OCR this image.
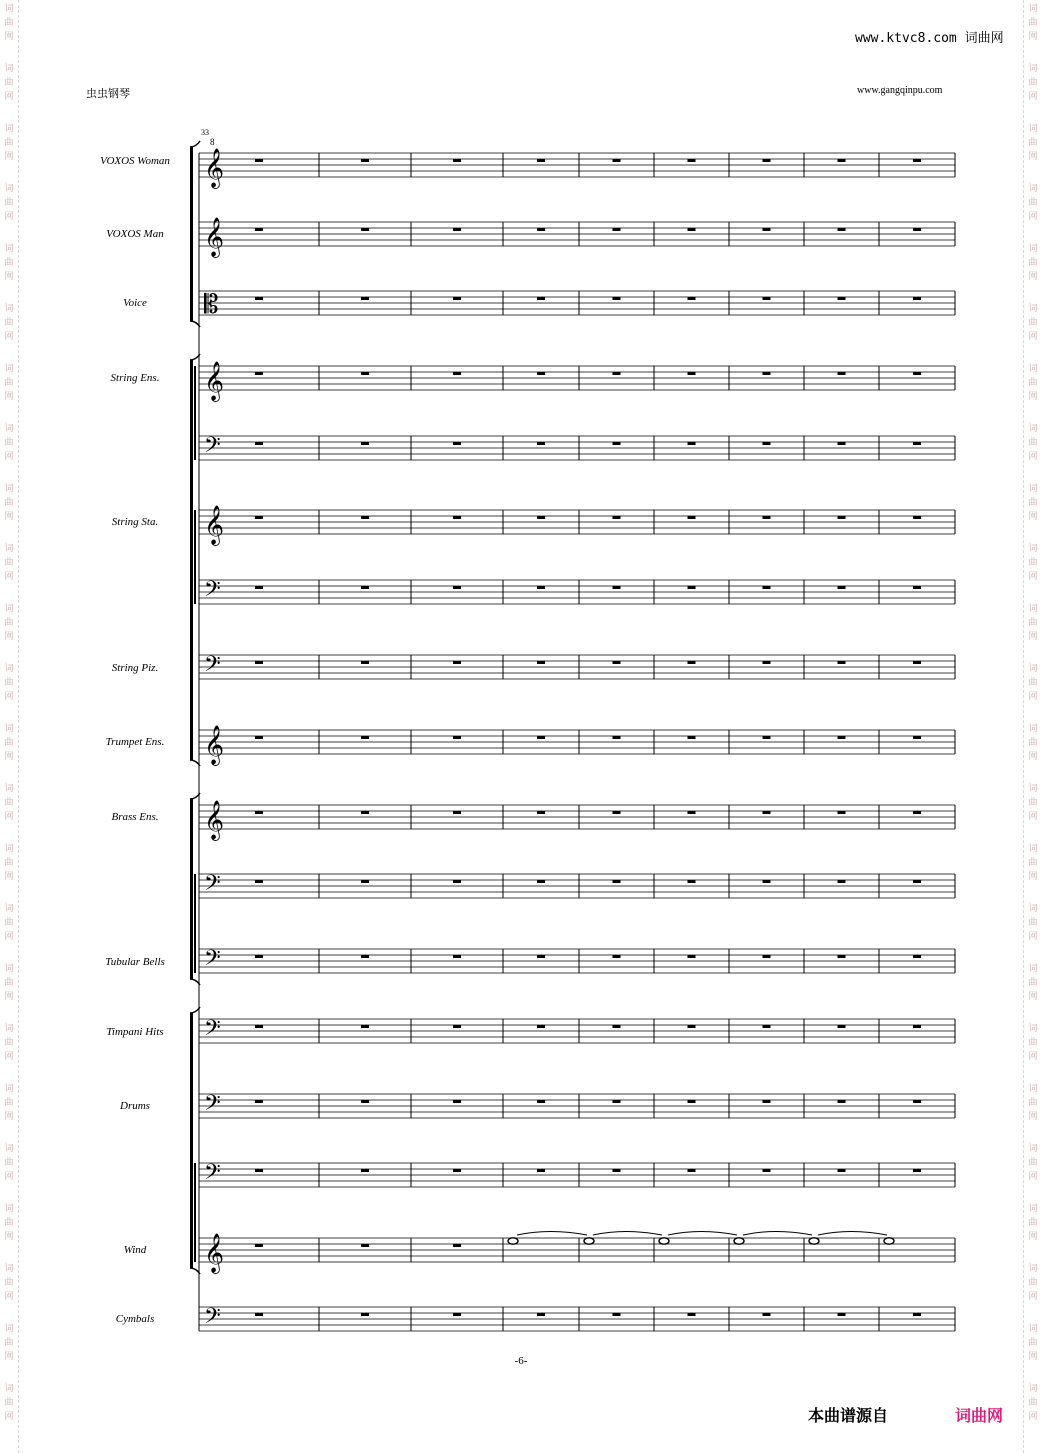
词
曲
网
词
曲
网
词
曲
网
词
曲
网
词
曲
网
词
曲
网
词
曲
网
词
曲
网
词
曲
网
词
曲
网
词
曲
网
词
曲
网
词
曲
网
词
曲
网
词
曲
网
词
曲
网
词
曲
网
词
曲
网
词
曲
网
词
曲
网
词
曲
网
词
曲
网
词
曲
网
词
曲
网
词
曲
网
词
曲
网
词
曲
网
词
曲
网
词
曲
网
词
曲
网
词
曲
网
词
曲
网
词
曲
网
词
曲
网
词
曲
网
词
曲
网
词
曲
网
词
曲
网
词
曲
网
词
曲
网
词
曲
网
词
曲
网
词
曲
网
词
曲
网
词
曲
网
词
曲
网
词
曲
网
词
曲
网
www.ktvc8.com 词曲网
虫虫钢琴	www.gangqinpu.com
33
VOXOS Woman
VOXOS Man
Voice
String Ens.
String Sta.
String Piz.
Trumpet Ens.
Brass Ens.
Tubular Bells
Timpani Hits
Drums
Wind
Cymbals
𝄞
𝄞
𝄡
𝄞
𝄢
𝄞
𝄢
𝄢
𝄞
𝄞
𝄢
𝄢
𝄢
𝄢
𝄢
𝄞
𝄢
8
-6-
本曲谱源自	词曲网
